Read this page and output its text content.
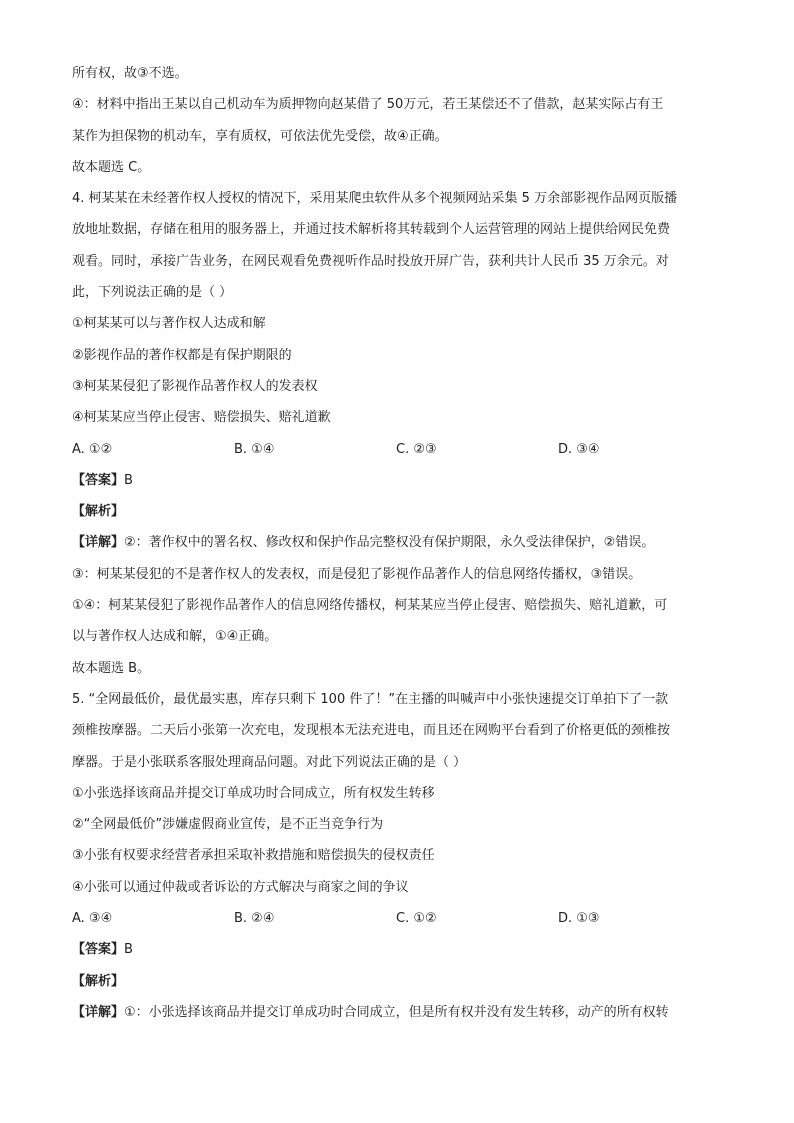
所有权，故③不选。
④：材料中指出王某以自己机动车为质押物向赵某借了 50万元，若王某偿还不了借款，赵某实际占有王
某作为担保物的机动车，享有质权，可依法优先受偿，故④正确。
故本题选 C。
4. 柯某某在未经著作权人授权的情况下，采用某爬虫软件从多个视频网站采集 5 万余部影视作品网页版播
放地址数据，存储在租用的服务器上，并通过技术解析将其转载到个人运营管理的网站上提供给网民免费
观看。同时，承接广告业务，在网民观看免费视听作品时投放开屏广告，获利共计人民币 35 万余元。对
此，下列说法正确的是（ ）
①柯某某可以与著作权人达成和解
②影视作品的著作权都是有保护期限的
③柯某某侵犯了影视作品著作权人的发表权
④柯某某应当停止侵害、赔偿损失、赔礼道歉
A. ①②	B. ①④	C. ②③	D. ③④
【答案】B
【解析】
【详解】②：著作权中的署名权、修改权和保护作品完整权没有保护期限，永久受法律保护，②错误。
③：柯某某侵犯的不是著作权人的发表权，而是侵犯了影视作品著作人的信息网络传播权，③错误。
①④：柯某某侵犯了影视作品著作人的信息网络传播权，柯某某应当停止侵害、赔偿损失、赔礼道歉，可
以与著作权人达成和解，①④正确。
故本题选 B。
5. “全网最低价，最优最实惠，库存只剩下 100 件了！”在主播的叫喊声中小张快速提交订单拍下了一款
颈椎按摩器。二天后小张第一次充电，发现根本无法充进电，而且还在网购平台看到了价格更低的颈椎按
摩器。于是小张联系客服处理商品问题。对此下列说法正确的是（ ）
①小张选择该商品并提交订单成功时合同成立，所有权发生转移
②“全网最低价”涉嫌虚假商业宣传，是不正当竞争行为
③小张有权要求经营者承担采取补救措施和赔偿损失的侵权责任
④小张可以通过仲裁或者诉讼的方式解决与商家之间的争议
A. ③④	B. ②④	C. ①②	D. ①③
【答案】B
【解析】
【详解】①：小张选择该商品并提交订单成功时合同成立，但是所有权并没有发生转移，动产的所有权转
